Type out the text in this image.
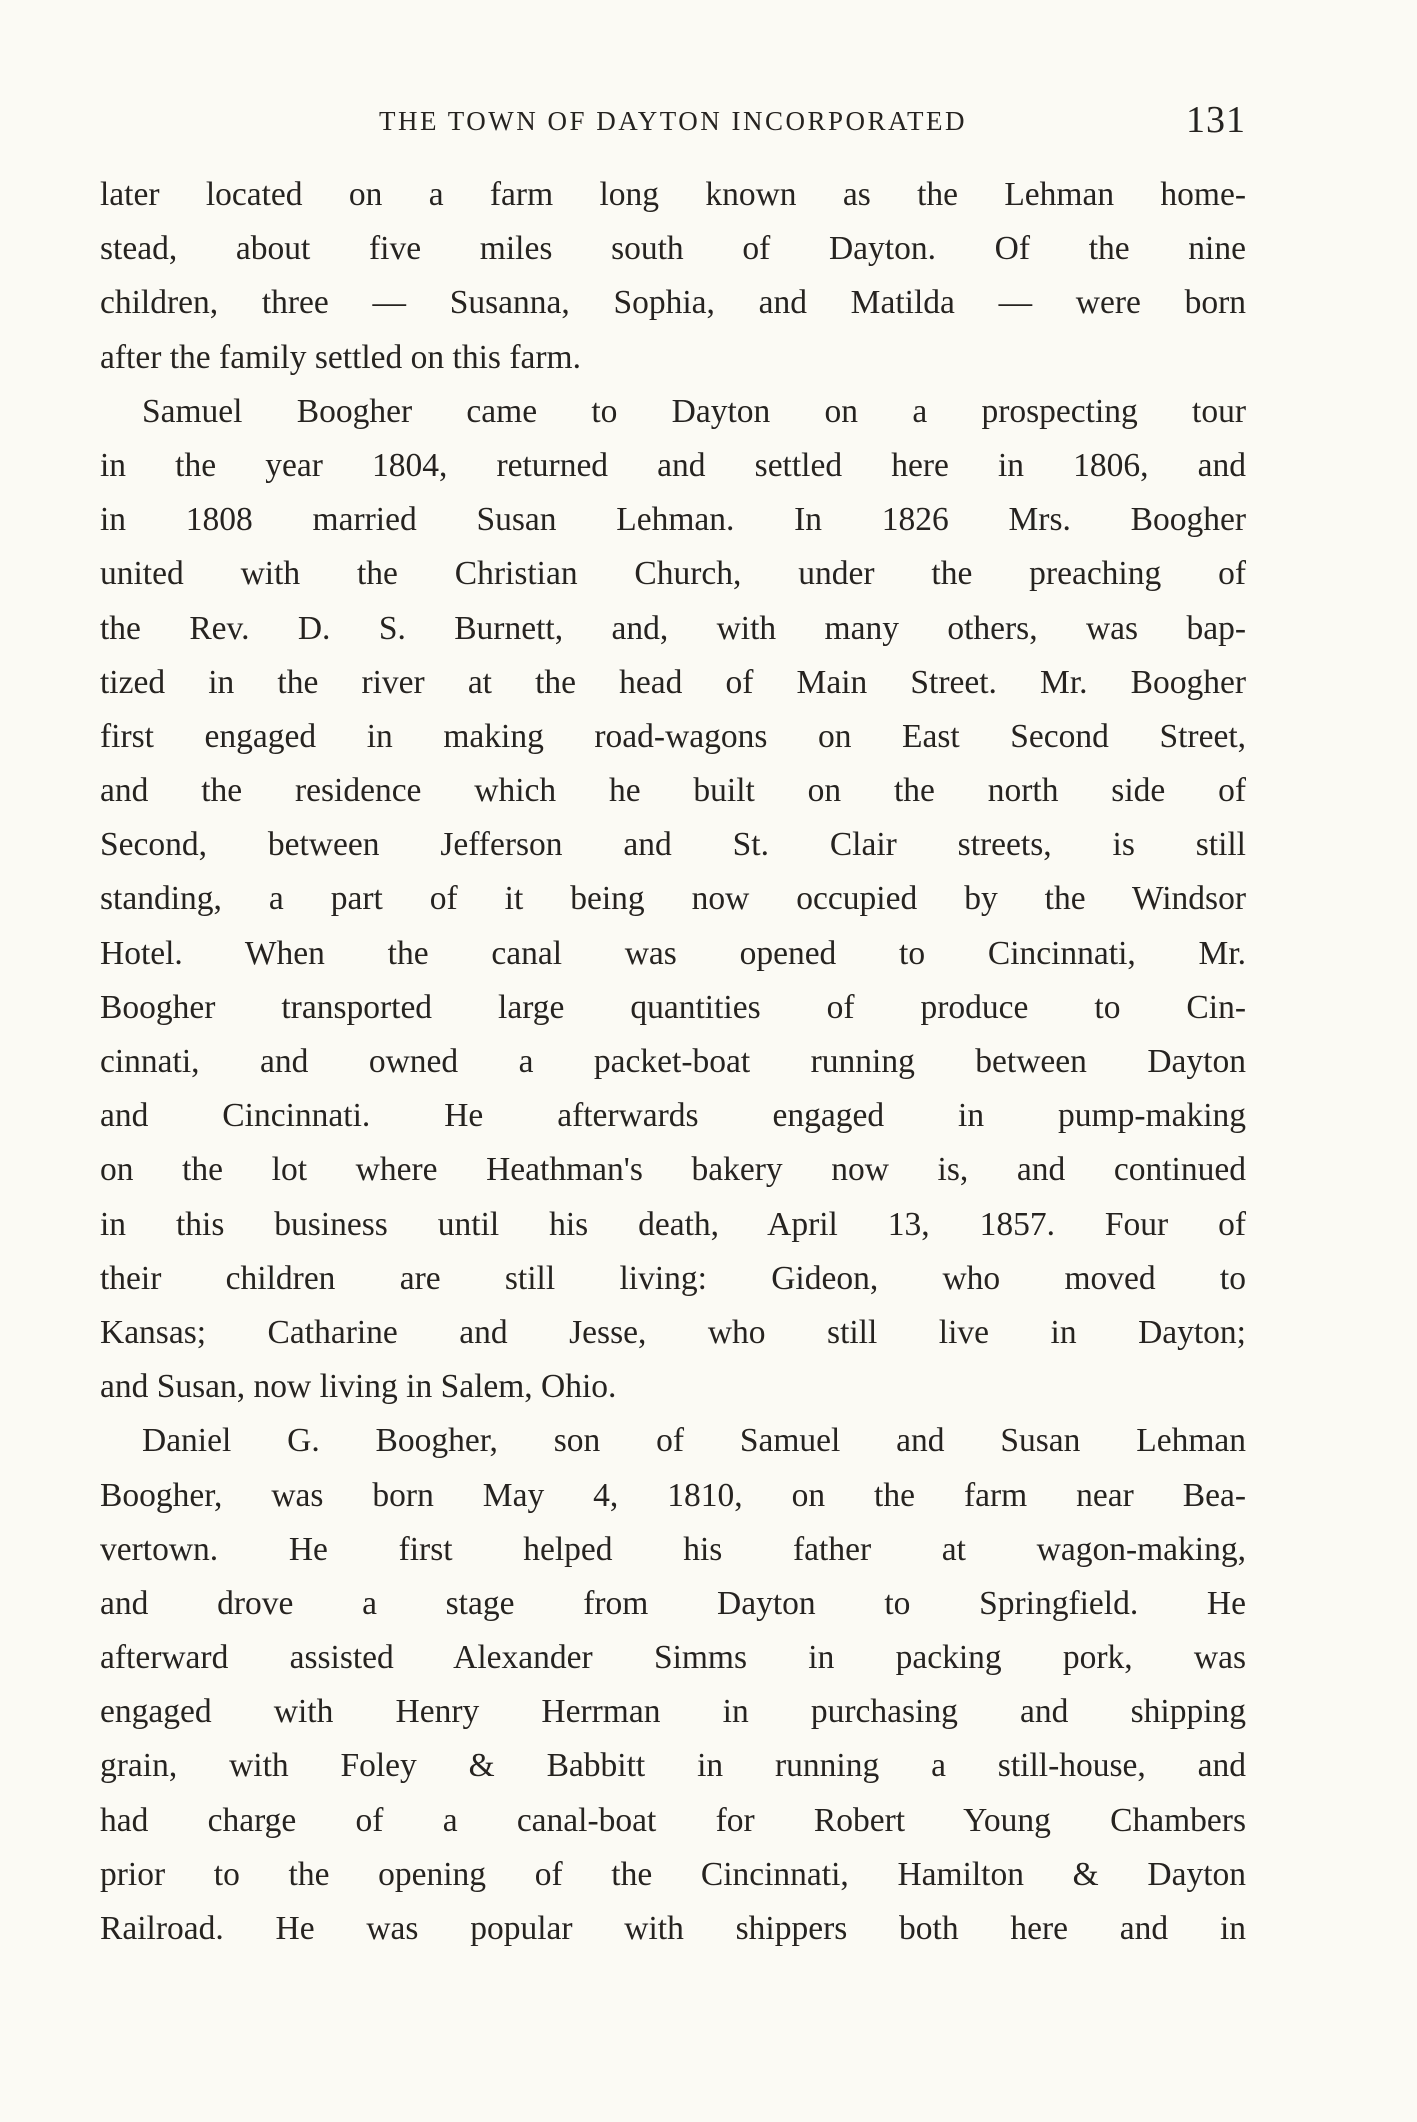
THE TOWN OF DAYTON INCORPORATED	131
later located on a farm long known as the Lehman home-
stead, about five miles south of Dayton. Of the nine
children, three — Susanna, Sophia, and Matilda — were born
after the family settled on this farm.
Samuel Boogher came to Dayton on a prospecting tour
in the year 1804, returned and settled here in 1806, and
in 1808 married Susan Lehman. In 1826 Mrs. Boogher
united with the Christian Church, under the preaching of
the Rev. D. S. Burnett, and, with many others, was bap-
tized in the river at the head of Main Street. Mr. Boogher
first engaged in making road-wagons on East Second Street,
and the residence which he built on the north side of
Second, between Jefferson and St. Clair streets, is still
standing, a part of it being now occupied by the Windsor
Hotel. When the canal was opened to Cincinnati, Mr.
Boogher transported large quantities of produce to Cin-
cinnati, and owned a packet-boat running between Dayton
and Cincinnati. He afterwards engaged in pump-making
on the lot where Heathman's bakery now is, and continued
in this business until his death, April 13, 1857. Four of
their children are still living: Gideon, who moved to
Kansas; Catharine and Jesse, who still live in Dayton;
and Susan, now living in Salem, Ohio.
Daniel G. Boogher, son of Samuel and Susan Lehman
Boogher, was born May 4, 1810, on the farm near Bea-
vertown. He first helped his father at wagon-making,
and drove a stage from Dayton to Springfield. He
afterward assisted Alexander Simms in packing pork, was
engaged with Henry Herrman in purchasing and shipping
grain, with Foley & Babbitt in running a still-house, and
had charge of a canal-boat for Robert Young Chambers
prior to the opening of the Cincinnati, Hamilton & Dayton
Railroad. He was popular with shippers both here and in
